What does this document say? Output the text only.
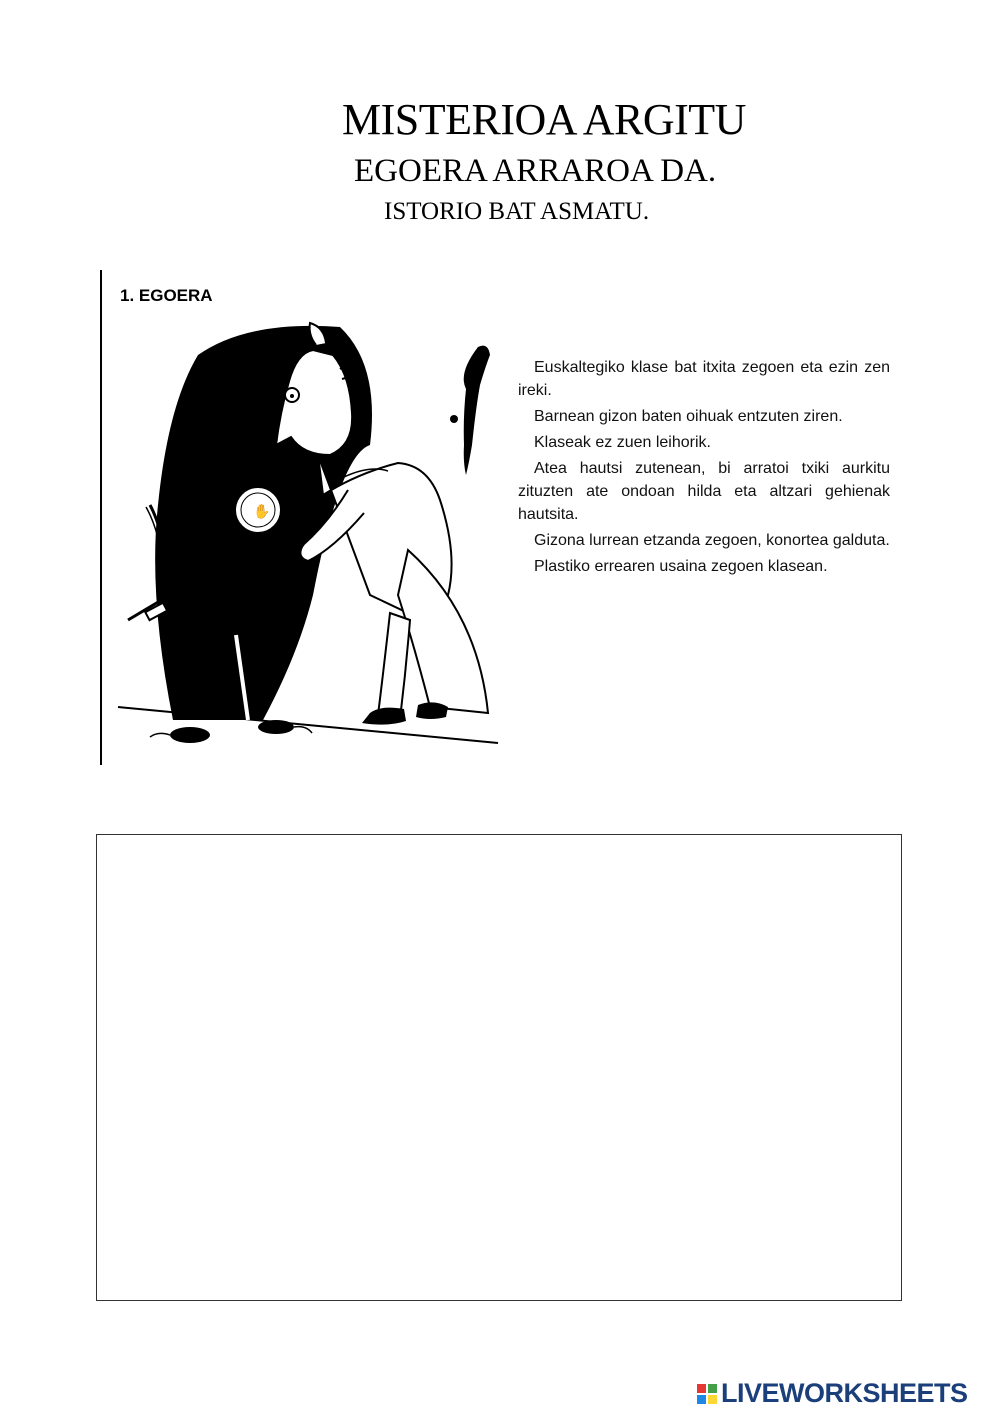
MISTERIOA ARGITU
EGOERA ARRAROA DA.
ISTORIO BAT ASMATU.
1. EGOERA
✋

Euskaltegiko klase bat itxita zegoen eta ezin zen ireki.

Barnean gizon baten oihuak entzuten ziren.

Klaseak ez zuen leihorik.

Atea hautsi zutenean, bi arratoi txiki aurkitu zituzten ate ondoan hilda eta altzari gehienak hautsita.

Gizona lurrean etzanda zegoen, konortea galduta.

Plastiko errearen usaina zegoen klasean.

LIVEWORKSHEETS
